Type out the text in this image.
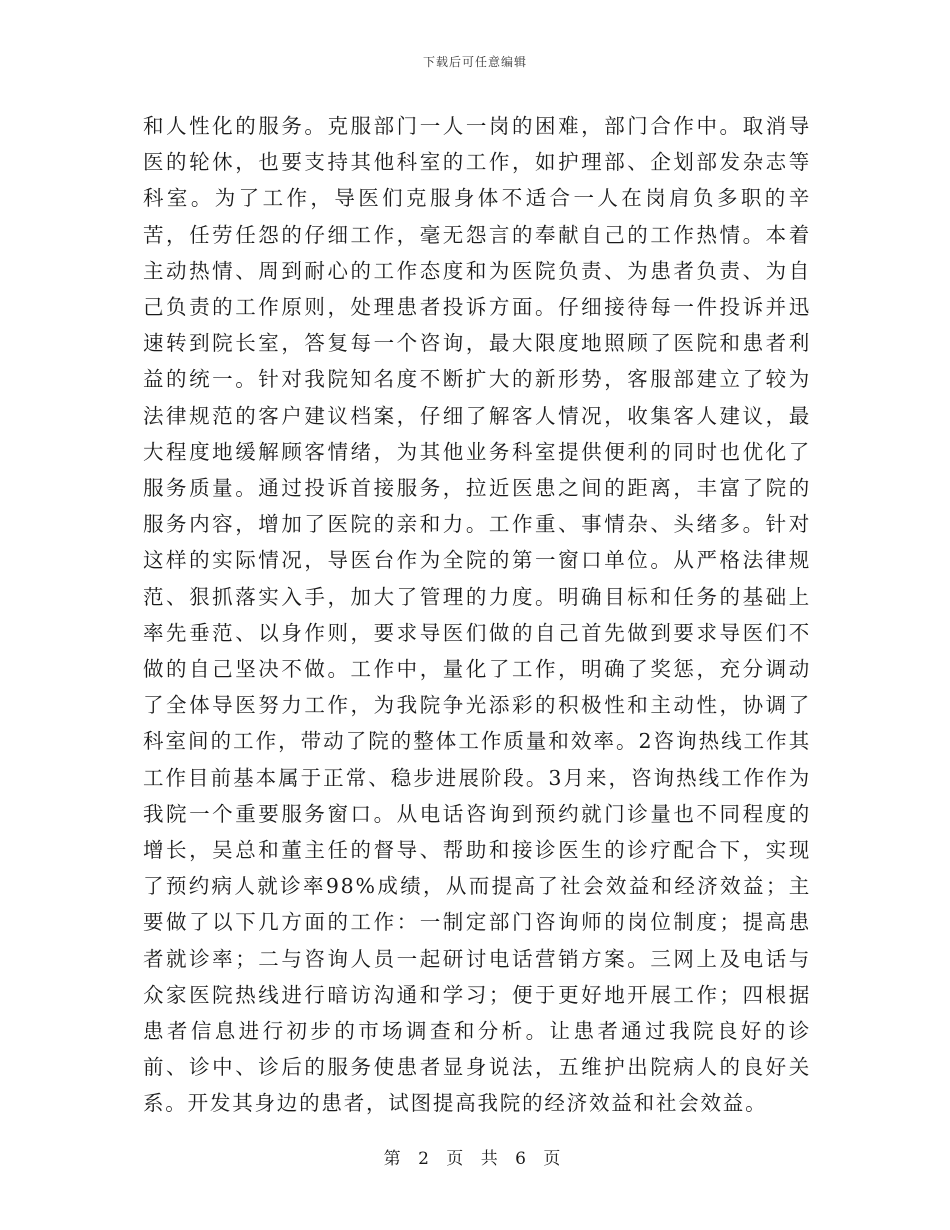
下载后可任意编辑

和人性化的服务。克服部门一人一岗的困难，部门合作中。取消导医的轮休，也要支持其他科室的工作，如护理部、企划部发杂志等科室。为了工作，导医们克服身体不适合一人在岗肩负多职的辛苦，任劳任怨的仔细工作，毫无怨言的奉献自己的工作热情。本着主动热情、周到耐心的工作态度和为医院负责、为患者负责、为自己负责的工作原则，处理患者投诉方面。仔细接待每一件投诉并迅速转到院长室，答复每一个咨询，最大限度地照顾了医院和患者利益的统一。针对我院知名度不断扩大的新形势，客服部建立了较为法律规范的客户建议档案，仔细了解客人情况，收集客人建议，最大程度地缓解顾客情绪，为其他业务科室提供便利的同时也优化了服务质量。通过投诉首接服务，拉近医患之间的距离，丰富了院的服务内容，增加了医院的亲和力。工作重、事情杂、头绪多。针对这样的实际情况，导医台作为全院的第一窗口单位。从严格法律规范、狠抓落实入手，加大了管理的力度。明确目标和任务的基础上率先垂范、以身作则，要求导医们做的自己首先做到要求导医们不做的自己坚决不做。工作中，量化了工作，明确了奖惩，充分调动了全体导医努力工作，为我院争光添彩的积极性和主动性，协调了科室间的工作，带动了院的整体工作质量和效率。2咨询热线工作其工作目前基本属于正常、稳步进展阶段。3月来，咨询热线工作作为我院一个重要服务窗口。从电话咨询到预约就门诊量也不同程度的增长，吴总和董主任的督导、帮助和接诊医生的诊疗配合下，实现了预约病人就诊率98%成绩，从而提高了社会效益和经济效益；主要做了以下几方面的工作：一制定部门咨询师的岗位制度；提高患者就诊率；二与咨询人员一起研讨电话营销方案。三网上及电话与众家医院热线进行暗访沟通和学习；便于更好地开展工作；四根据患者信息进行初步的市场调查和分析。让患者通过我院良好的诊前、诊中、诊后的服务使患者显身说法，五维护出院病人的良好关系。开发其身边的患者，试图提高我院的经济效益和社会效益。

第 2 页 共 6 页
